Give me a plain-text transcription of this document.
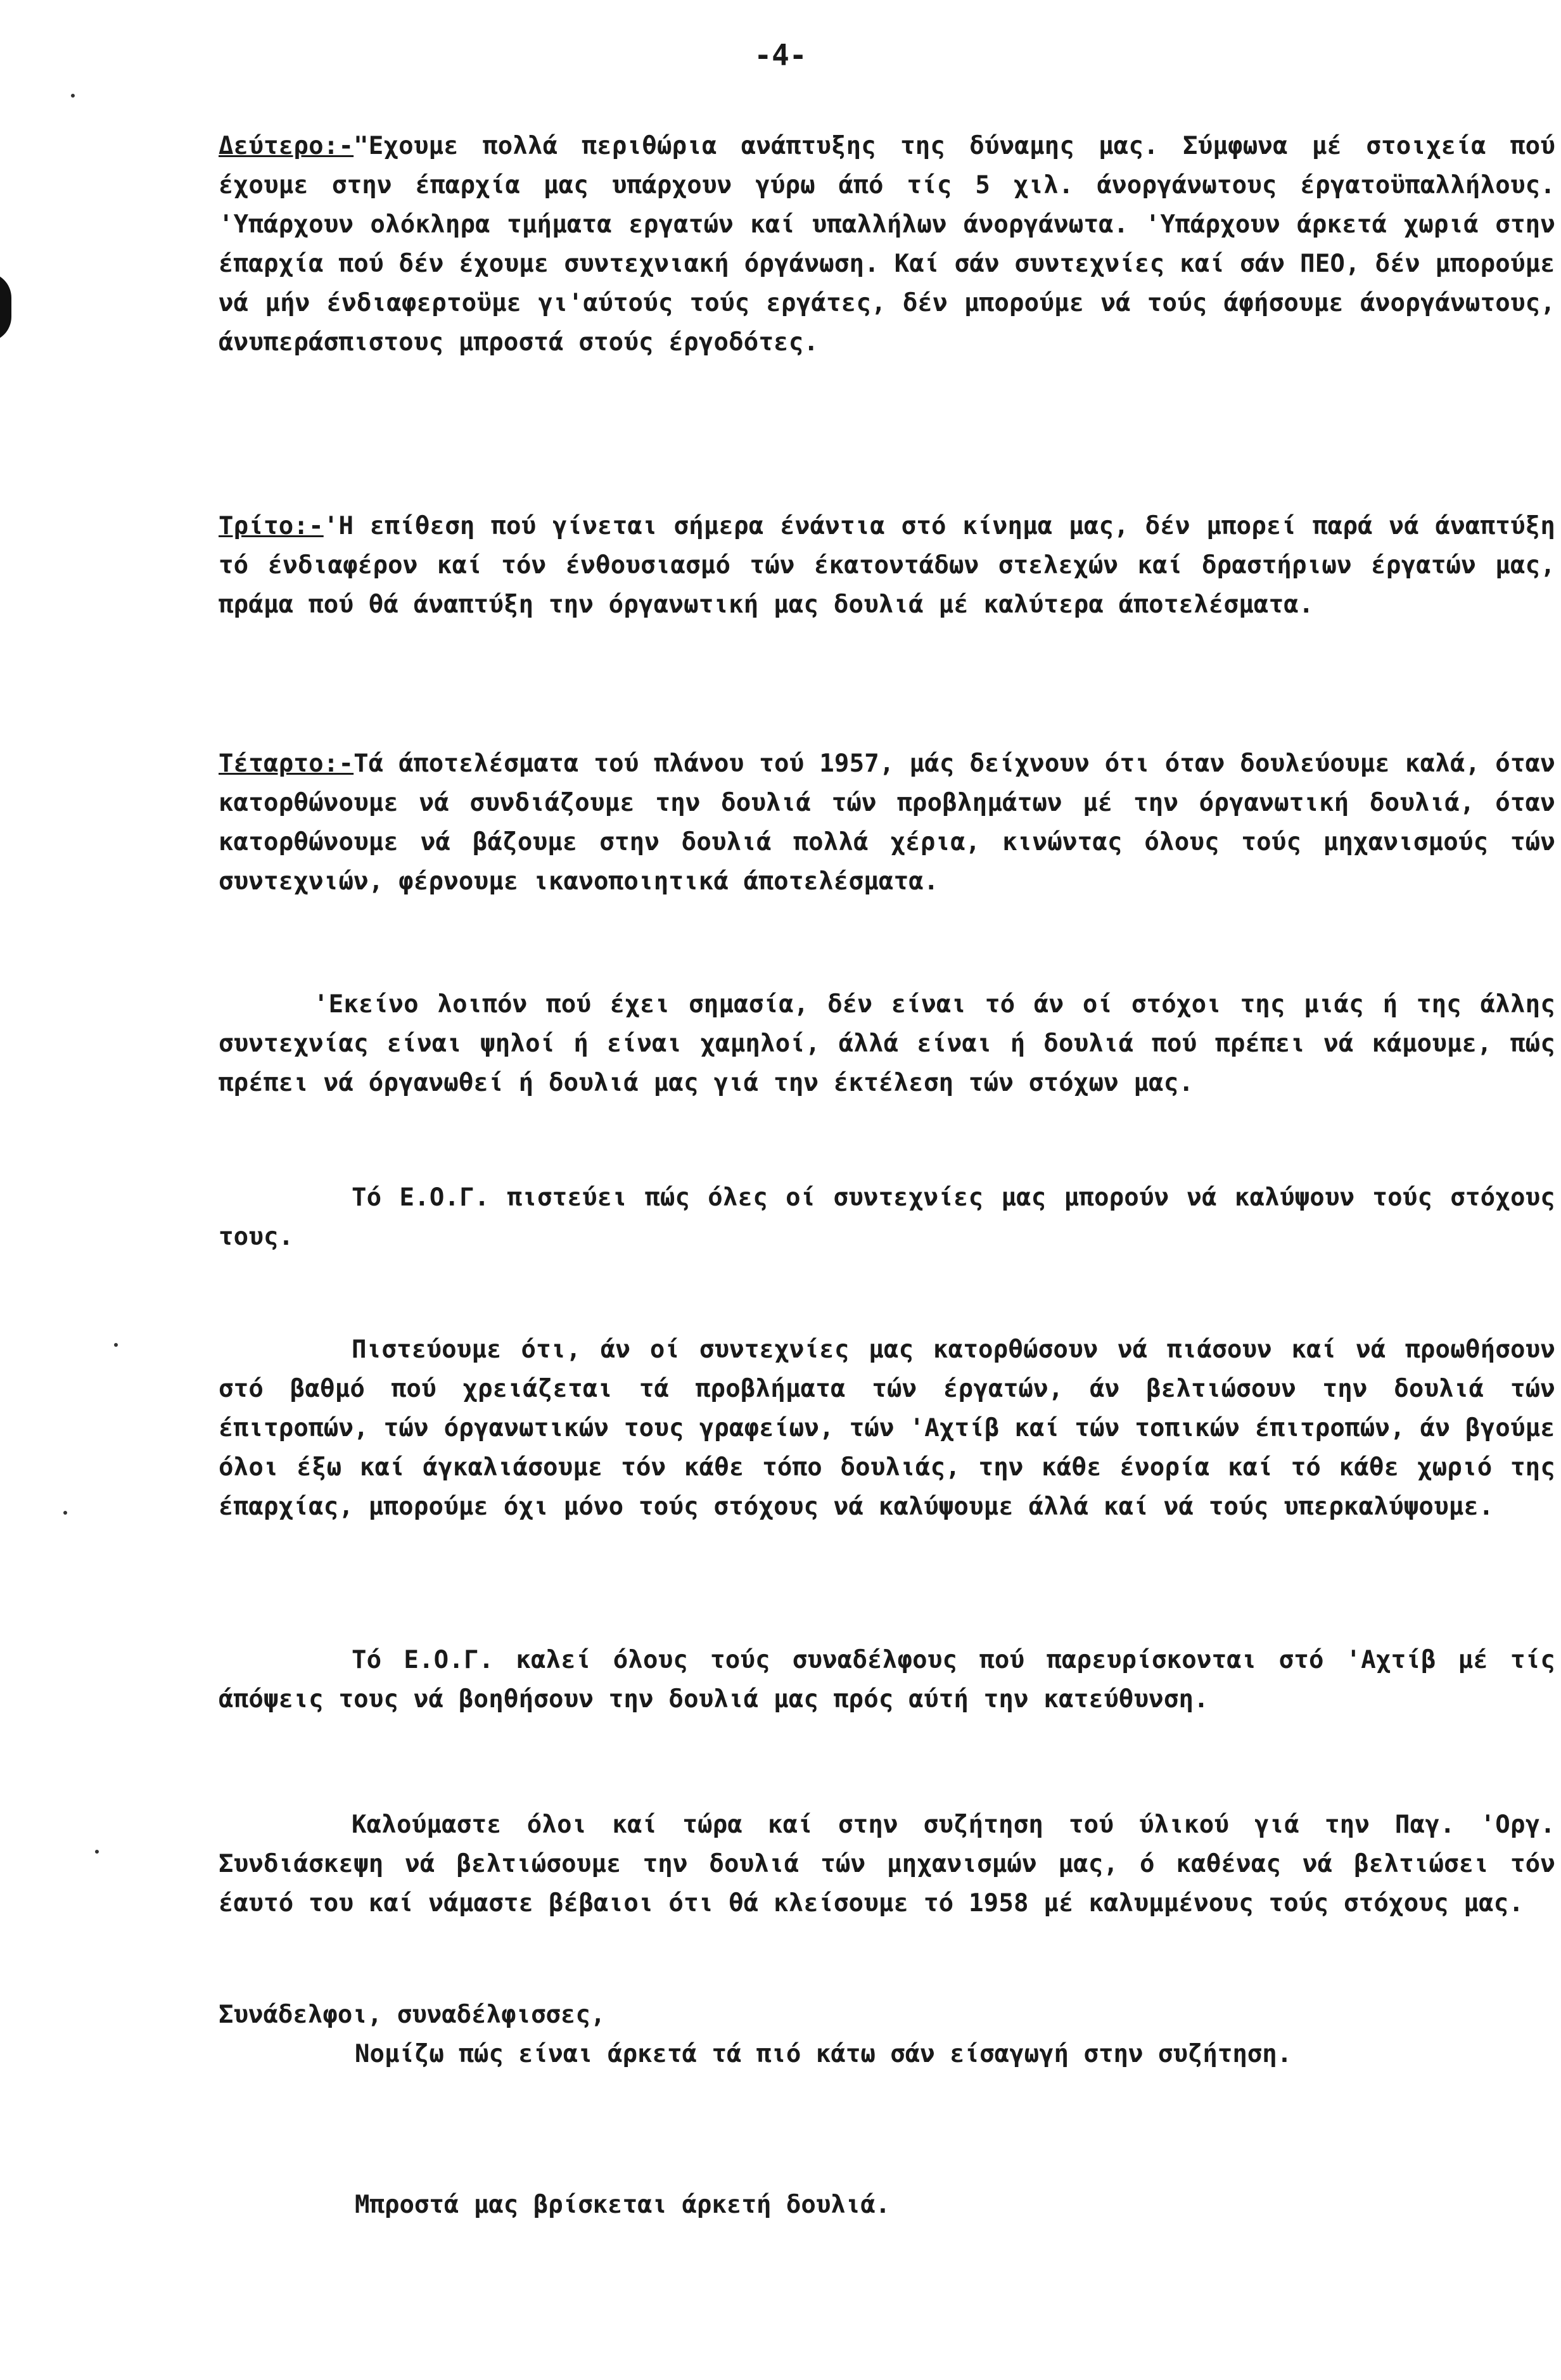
-4-

Δεύτερο:-"Εχουμε πολλά περιθώρια ανάπτυξης της δύναμης μας. Σύμφωνα μέ στοιχεία πού έχουμε στην έπαρχία μας υπάρχουν γύρω άπό τίς 5 χιλ. άνοργάνωτους έργατοϋπαλλήλους. 'Υπάρχουν ολόκληρα τμήματα εργατών καί υπαλλήλων άνοργάνωτα. 'Υπάρχουν άρκετά χωριά στην έπαρχία πού δέν έχουμε συντεχνιακή όργάνωση. Καί σάν συντεχνίες καί σάν ΠΕΟ, δέν μπορούμε νά μήν ένδιαφερτοϋμε γι'αύτούς τούς εργάτες, δέν μπορούμε νά τούς άφήσουμε άνοργάνωτους, άνυπεράσπιστους μπροστά στούς έργοδότες.

Τρίτο:-'Η επίθεση πού γίνεται σήμερα ένάντια στό κίνημα μας, δέν μπορεί παρά νά άναπτύξη τό ένδιαφέρον καί τόν ένθουσιασμό τών έκατοντάδων στελεχών καί δραστήριων έργατών μας, πράμα πού θά άναπτύξη την όργανωτική μας δουλιά μέ καλύτερα άποτελέσματα.

Τέταρτο:-Τά άποτελέσματα τού πλάνου τού 1957, μάς δείχνουν ότι όταν δουλεύουμε καλά, όταν κατορθώνουμε νά συνδιάζουμε την δουλιά τών προβλημάτων μέ την όργανωτική δουλιά, όταν κατορθώνουμε νά βάζουμε στην δουλιά πολλά χέρια, κινώντας όλους τούς μηχανισμούς τών συντεχνιών, φέρνουμε ικανοποιητικά άποτελέσματα.

'Εκείνο λοιπόν πού έχει σημασία, δέν είναι τό άν οί στόχοι της μιάς ή της άλλης συντεχνίας είναι ψηλοί ή είναι χαμηλοί, άλλά είναι ή δουλιά πού πρέπει νά κάμουμε, πώς πρέπει νά όργανωθεί ή δουλιά μας γιά την έκτέλεση τών στόχων μας.

Τό Ε.Ο.Γ. πιστεύει πώς όλες οί συντεχνίες μας μπορούν νά καλύψουν τούς στόχους τους.

Πιστεύουμε ότι, άν οί συντεχνίες μας κατορθώσουν νά πιάσουν καί νά προωθήσουν στό βαθμό πού χρειάζεται τά προβλήματα τών έργατών, άν βελτιώσουν την δουλιά τών έπιτροπών, τών όργανωτικών τους γραφείων, τών 'Αχτίβ καί τών τοπικών έπιτροπών, άν βγούμε όλοι έξω καί άγκαλιάσουμε τόν κάθε τόπο δουλιάς, την κάθε ένορία καί τό κάθε χωριό της έπαρχίας, μπορούμε όχι μόνο τούς στόχους νά καλύψουμε άλλά καί νά τούς υπερκαλύψουμε.

Τό Ε.Ο.Γ. καλεί όλους τούς συναδέλφους πού παρευρίσκονται στό 'Αχτίβ μέ τίς άπόψεις τους νά βοηθήσουν την δουλιά μας πρός αύτή την κατεύθυνση.

Καλούμαστε όλοι καί τώρα καί στην συζήτηση τού ύλικού γιά την Παγ. 'Οργ. Συνδιάσκεψη νά βελτιώσουμε την δουλιά τών μηχανισμών μας, ό καθένας νά βελτιώσει τόν έαυτό του καί νάμαστε βέβαιοι ότι θά κλείσουμε τό 1958 μέ καλυμμένους τούς στόχους μας.

Συνάδελφοι, συναδέλφισσες,

Νομίζω πώς είναι άρκετά τά πιό κάτω σάν είσαγωγή στην συζήτηση.

Μπροστά μας βρίσκεται άρκετή δουλιά.
